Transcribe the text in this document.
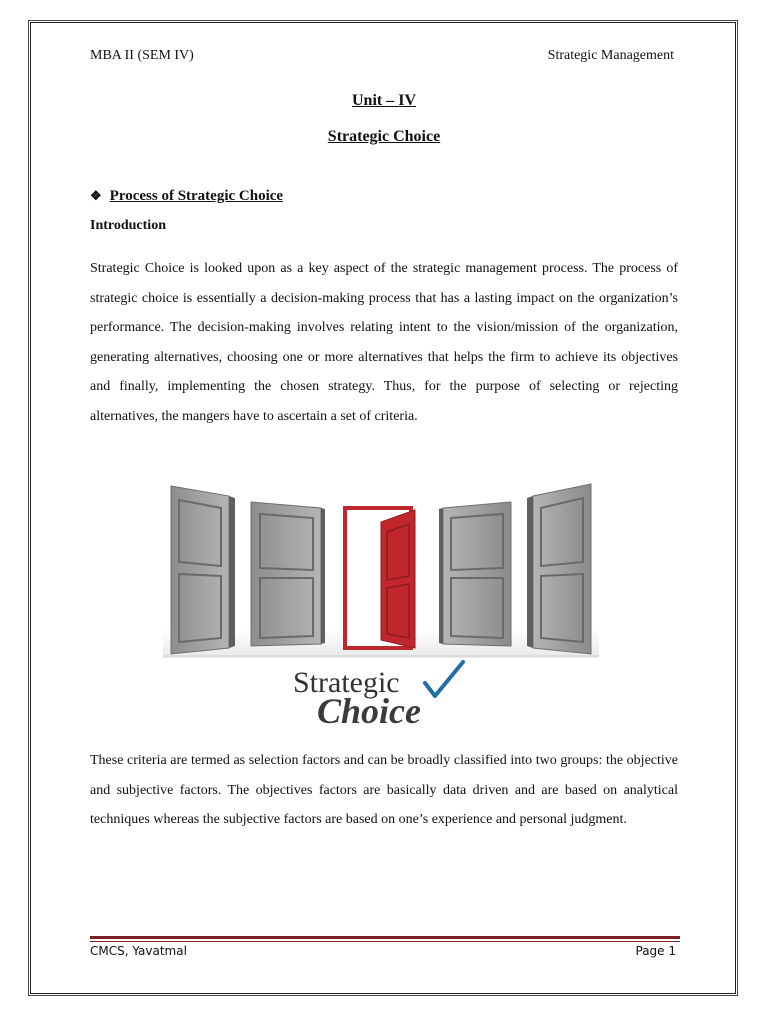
MBA II (SEM IV)	Strategic Management
Unit – IV
Strategic Choice
❖ Process of Strategic Choice
Introduction
Strategic Choice is looked upon as a key aspect of the strategic management process. The process of strategic choice is essentially a decision-making process that has a lasting impact on the organization’s performance. The decision-making involves relating intent to the vision/mission of the organization, generating alternatives, choosing one or more alternatives that helps the firm to achieve its objectives and finally, implementing the chosen strategy. Thus, for the purpose of selecting or rejecting alternatives, the mangers have to ascertain a set of criteria.
Strategic
Choice
These criteria are termed as selection factors and can be broadly classified into two groups: the objective and subjective factors. The objectives factors are basically data driven and are based on analytical techniques whereas the subjective factors are based on one’s experience and personal judgment.
CMCS, Yavatmal	Page 1
